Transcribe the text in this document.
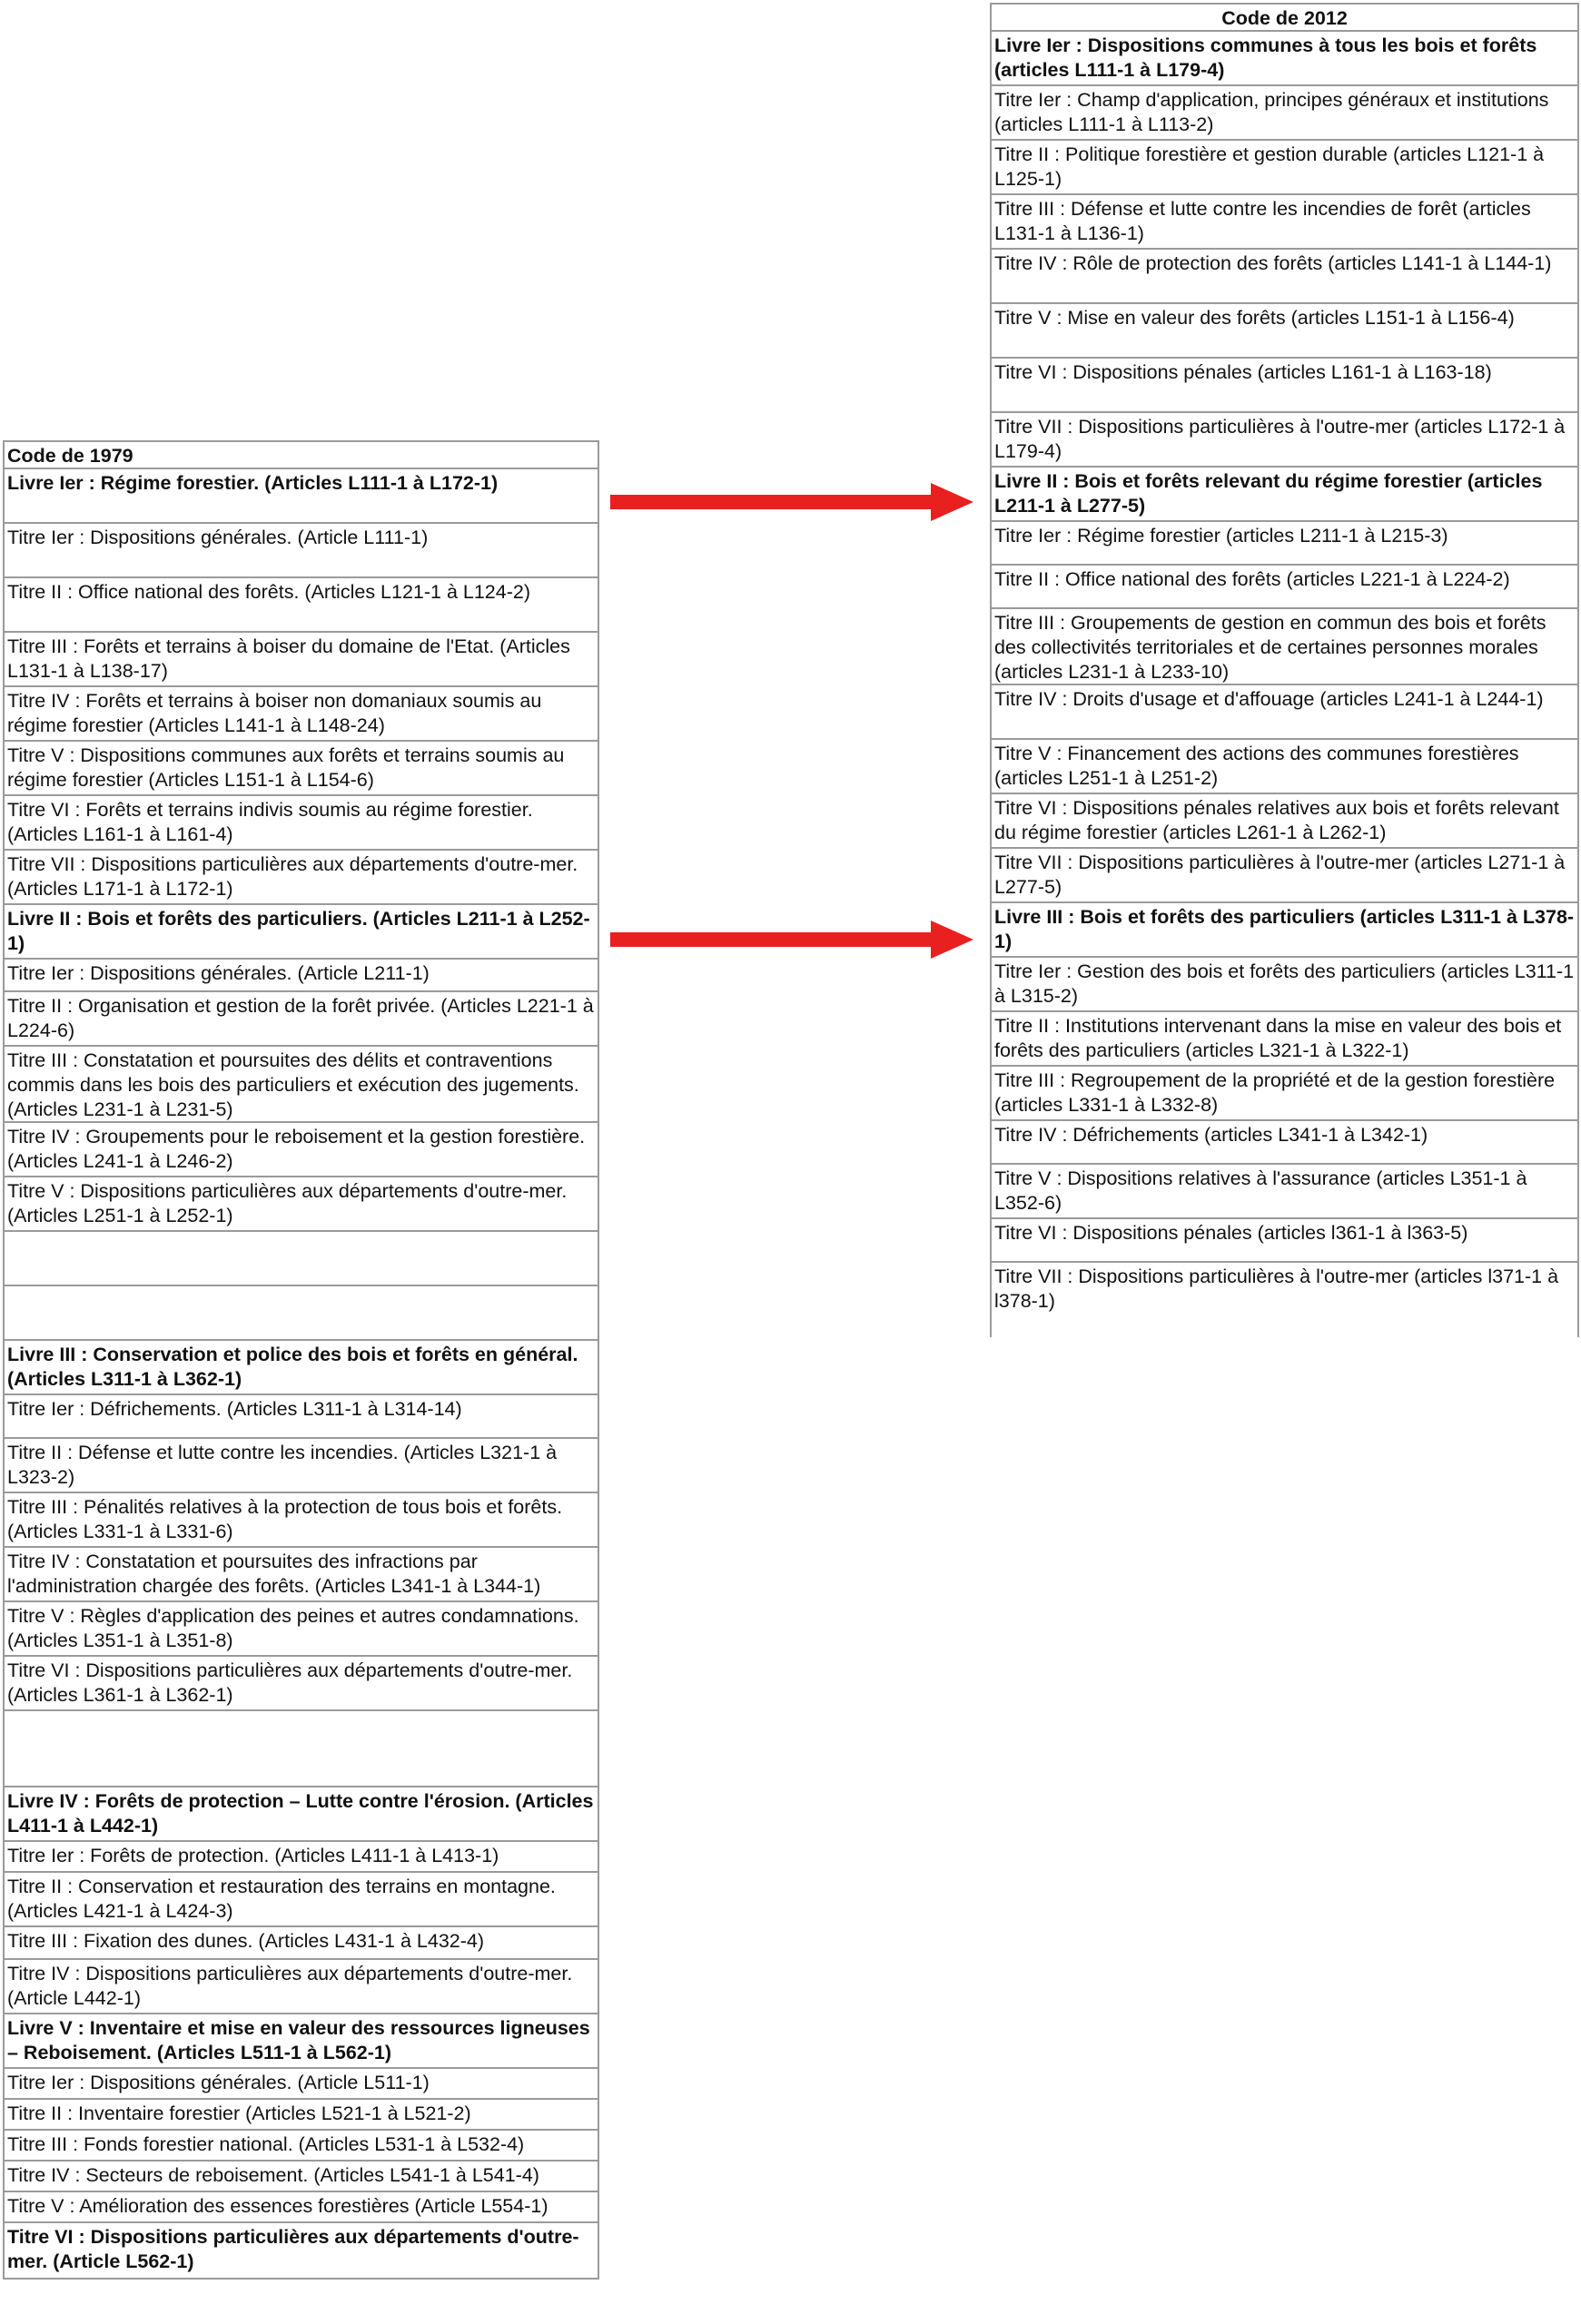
Code de 2012
Livre Ier : Dispositions communes à tous les bois et forêts (articles L111-1 à L179-4)
Titre Ier : Champ d'application, principes généraux et institutions (articles L111-1 à L113-2)
Titre II : Politique forestière et gestion durable (articles L121-1 à L125-1)
Titre III : Défense et lutte contre les incendies de forêt (articles L131-1 à L136-1)
Titre IV : Rôle de protection des forêts (articles L141-1 à L144-1)
Titre V : Mise en valeur des forêts (articles L151-1 à L156-4)
Titre VI : Dispositions pénales (articles L161-1 à L163-18)
Titre VII : Dispositions particulières à l'outre-mer (articles L172-1 à L179-4)
Livre II : Bois et forêts relevant du régime forestier (articles L211-1 à L277-5)
Titre Ier : Régime forestier (articles L211-1 à L215-3)
Titre II : Office national des forêts (articles L221-1 à L224-2)
Titre III : Groupements de gestion en commun des bois et forêts des collectivités territoriales et de certaines personnes morales (articles L231-1 à L233-10)
Titre IV : Droits d'usage et d'affouage (articles L241-1 à L244-1)
Titre V : Financement des actions des communes forestières (articles L251-1 à L251-2)
Titre VI : Dispositions pénales relatives aux bois et forêts relevant du régime forestier (articles L261-1 à L262-1)
Titre VII : Dispositions particulières à l'outre-mer (articles L271-1 à L277-5)
Livre III : Bois et forêts des particuliers (articles L311-1 à L378-1)
Titre Ier : Gestion des bois et forêts des particuliers (articles L311-1 à L315-2)
Titre II : Institutions intervenant dans la mise en valeur des bois et forêts des particuliers (articles L321-1 à L322-1)
Titre III : Regroupement de la propriété et de la gestion forestière (articles L331-1 à L332-8)
Titre IV : Défrichements (articles L341-1 à L342-1)
Titre V : Dispositions relatives à l'assurance (articles L351-1 à L352-6)
Titre VI : Dispositions pénales (articles l361-1 à l363-5)
Titre VII : Dispositions particulières à l'outre-mer (articles l371-1 à
l378-1)
Code de 1979
Livre Ier : Régime forestier. (Articles L111-1 à L172-1)
Titre Ier : Dispositions générales. (Article L111-1)
Titre II : Office national des forêts. (Articles L121-1 à L124-2)
Titre III : Forêts et terrains à boiser du domaine de l'Etat. (Articles L131-1 à L138-17)
Titre IV : Forêts et terrains à boiser non domaniaux soumis au régime forestier (Articles L141-1 à L148-24)
Titre V : Dispositions communes aux forêts et terrains soumis au régime forestier (Articles L151-1 à L154-6)
Titre VI : Forêts et terrains indivis soumis au régime forestier. (Articles L161-1 à L161-4)
Titre VII : Dispositions particulières aux départements d'outre-mer. (Articles L171-1 à L172-1)
Livre II : Bois et forêts des particuliers. (Articles L211-1 à L252-1)
Titre Ier : Dispositions générales. (Article L211-1)
Titre II : Organisation et gestion de la forêt privée. (Articles L221-1 à L224-6)
Titre III : Constatation et poursuites des délits et contraventions commis dans les bois des particuliers et exécution des jugements. (Articles L231-1 à L231-5)
Titre IV : Groupements pour le reboisement et la gestion forestière. (Articles L241-1 à L246-2)
Titre V : Dispositions particulières aux départements d'outre-mer. (Articles L251-1 à L252-1)
Livre III : Conservation et police des bois et forêts en général. (Articles L311-1 à L362-1)
Titre Ier : Défrichements. (Articles L311-1 à L314-14)
Titre II : Défense et lutte contre les incendies. (Articles L321-1 à L323-2)
Titre III : Pénalités relatives à la protection de tous bois et forêts. (Articles L331-1 à L331-6)
Titre IV : Constatation et poursuites des infractions par l'administration chargée des forêts. (Articles L341-1 à L344-1)
Titre V : Règles d'application des peines et autres condamnations. (Articles L351-1 à L351-8)
Titre VI : Dispositions particulières aux départements d'outre-mer. (Articles L361-1 à L362-1)
Livre IV : Forêts de protection – Lutte contre l'érosion. (Articles L411-1 à L442-1)
Titre Ier : Forêts de protection. (Articles L411-1 à L413-1)
Titre II : Conservation et restauration des terrains en montagne. (Articles L421-1 à L424-3)
Titre III : Fixation des dunes. (Articles L431-1 à L432-4)
Titre IV : Dispositions particulières aux départements d'outre-mer. (Article L442-1)
Livre V : Inventaire et mise en valeur des ressources ligneuses – Reboisement. (Articles L511-1 à L562-1)
Titre Ier : Dispositions générales. (Article L511-1)
Titre II : Inventaire forestier (Articles L521-1 à L521-2)
Titre III : Fonds forestier national. (Articles L531-1 à L532-4)
Titre IV : Secteurs de reboisement. (Articles L541-1 à L541-4)
Titre V : Amélioration des essences forestières (Article L554-1)
Titre VI : Dispositions particulières aux départements d'outre-mer. (Article L562-1)
